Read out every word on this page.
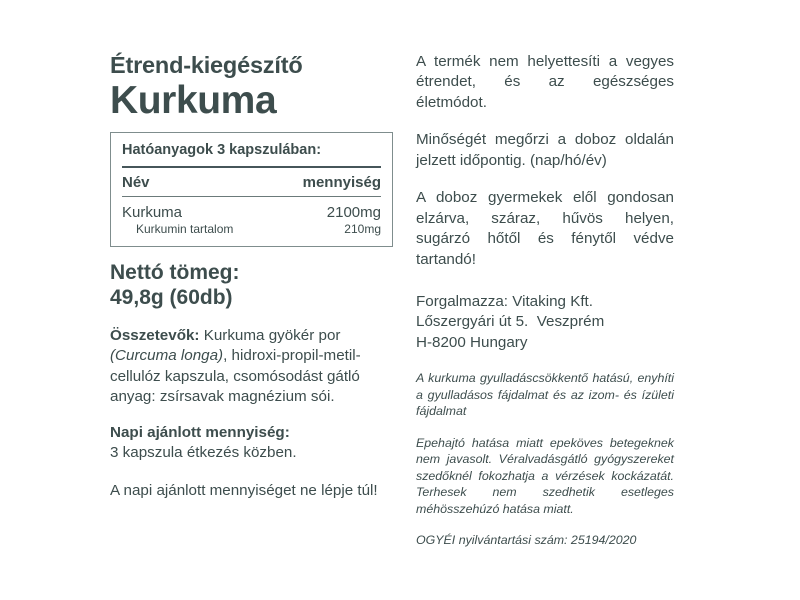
Étrend-kiegészítő
Kurkuma
Hatóanyagok 3 kapszulában:
Név	mennyiség
Kurkuma	2100mg
Kurkumin tartalom	210mg
Nettó tömeg:
49,8g (60db)

Összetevők: Kurkuma gyökér por (Curcuma longa), hidroxi-propil-metil-cellulóz kapszula, csomósodást gátló anyag: zsírsavak magnézium sói.

Napi ajánlott mennyiség:
3 kapszula étkezés közben.

A napi ajánlott mennyiséget ne lépje túl!

A termék nem helyettesíti a vegyes étrendet, és az egészséges életmódot.

Minőségét megőrzi a doboz oldalán jelzett időpontig. (nap/hó/év)

A doboz gyermekek elől gondosan elzárva, száraz, hűvös helyen, sugárzó hőtől és fénytől védve tartandó!

Forgalmazza: Vitaking Kft.
Lőszergyári út 5.  Veszprém
H-8200 Hungary

A kurkuma gyulladáscsökkentő hatású, enyhíti a gyulladásos fájdalmat és az izom- és ízületi fájdalmat

Epehajtó hatása miatt epeköves betegeknek nem javasolt. Véralvadásgátló gyógyszereket szedőknél fokozhatja a vérzések kockázatát. Terhesek nem szedhetik esetleges méhösszehúzó hatása miatt.

OGYÉI nyilvántartási szám: 25194/2020
